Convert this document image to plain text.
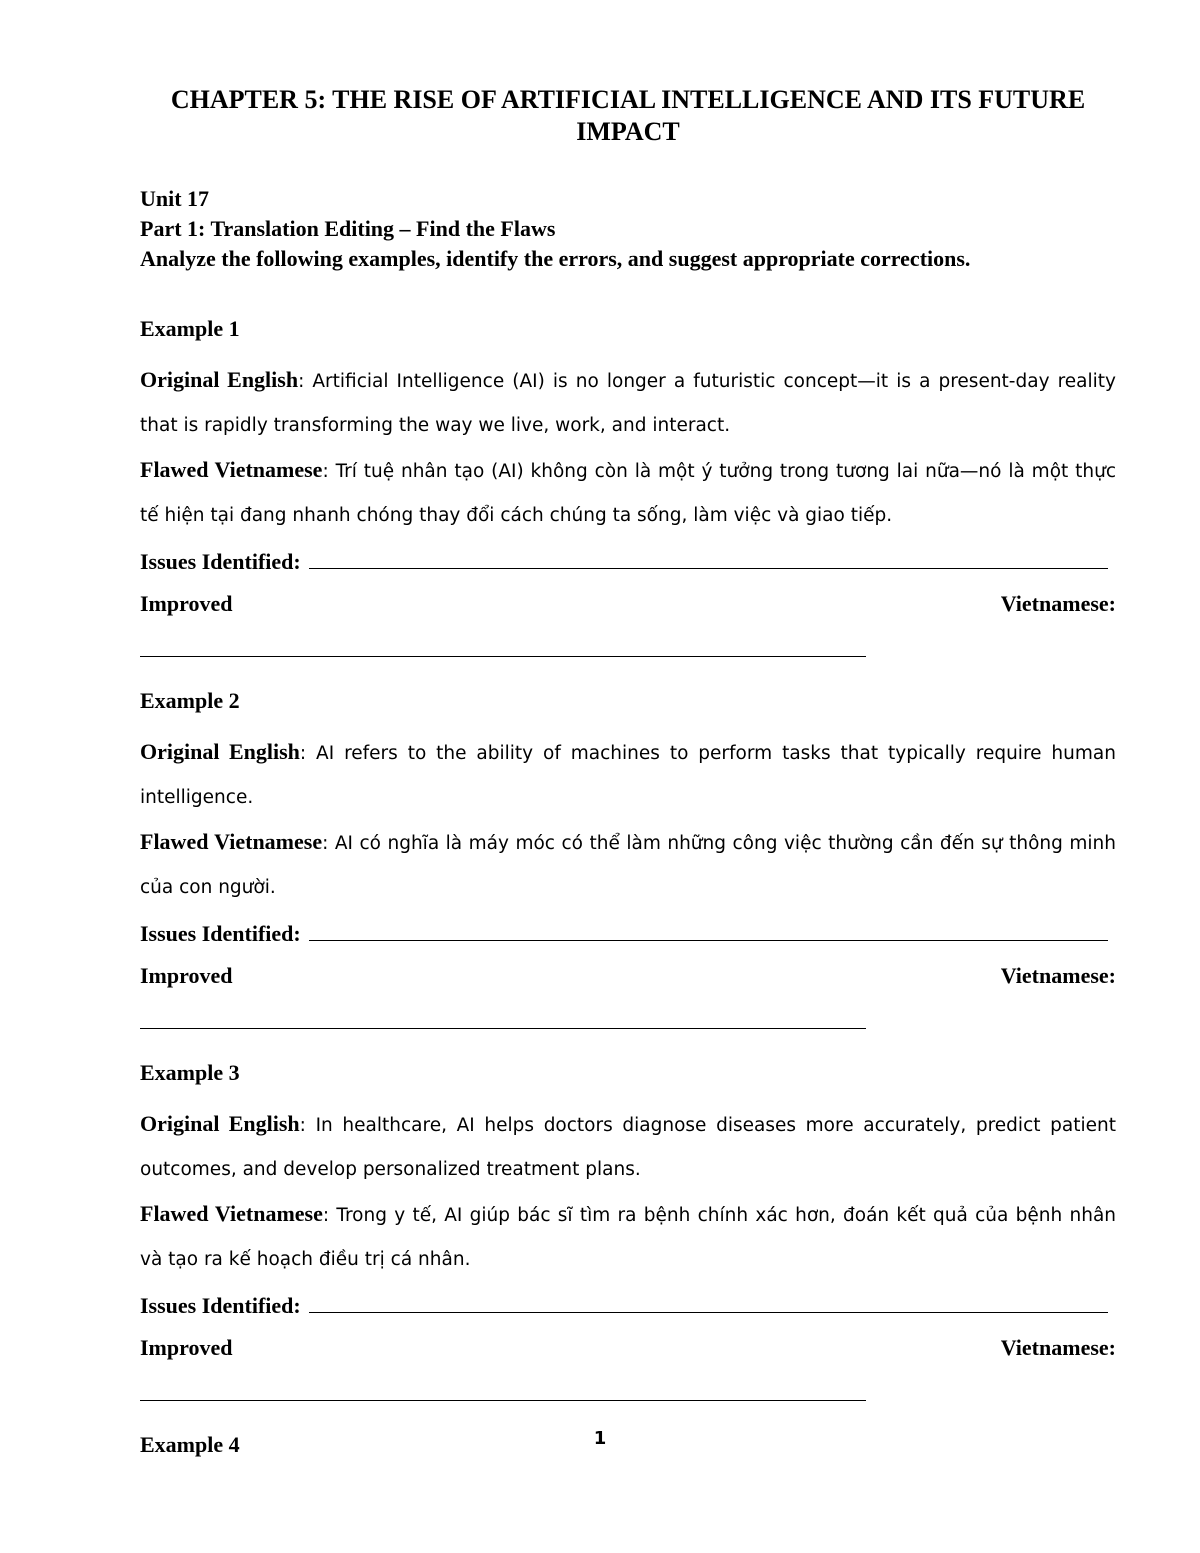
CHAPTER 5: THE RISE OF ARTIFICIAL INTELLIGENCE AND ITS FUTURE IMPACT
Unit 17
Part 1: Translation Editing – Find the Flaws
Analyze the following examples, identify the errors, and suggest appropriate corrections.
Example 1

Original English: Artificial Intelligence (AI) is no longer a futuristic concept—it is a present-day reality that is rapidly transforming the way we live, work, and interact.

Flawed Vietnamese: Trí tuệ nhân tạo (AI) không còn là một ý tưởng trong tương lai nữa—nó là một thực tế hiện tại đang nhanh chóng thay đổi cách chúng ta sống, làm việc và giao tiếp.

Issues Identified :
Improved	Vietnamese:
Example 2

Original English: AI refers to the ability of machines to perform tasks that typically require human intelligence.

Flawed Vietnamese: AI có nghĩa là máy móc có thể làm những công việc thường cần đến sự thông minh của con người.

Issues Identified :
Improved	Vietnamese:
Example 3

Original English: In healthcare, AI helps doctors diagnose diseases more accurately, predict patient outcomes, and develop personalized treatment plans.

Flawed Vietnamese: Trong y tế, AI giúp bác sĩ tìm ra bệnh chính xác hơn, đoán kết quả của bệnh nhân và tạo ra kế hoạch điều trị cá nhân.

Issues Identified :
Improved	Vietnamese:
Example 4	1
